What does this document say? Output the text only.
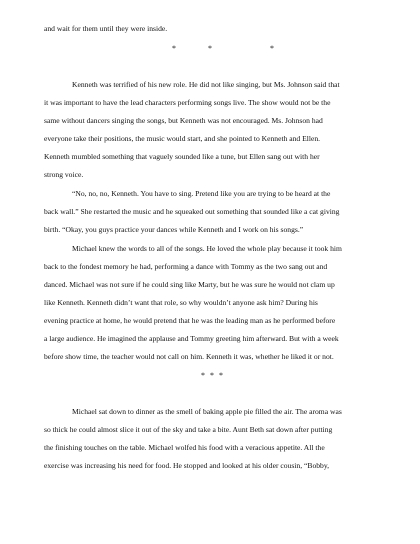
and wait for them until they were inside.
*	*	*
Kenneth was terrified of his new role. He did not like singing, but Ms. Johnson said that
it was important to have the lead characters performing songs live. The show would not be the
same without dancers singing the songs, but Kenneth was not encouraged. Ms. Johnson had
everyone take their positions, the music would start, and she pointed to Kenneth and Ellen.
Kenneth mumbled something that vaguely sounded like a tune, but Ellen sang out with her
strong voice.
“No, no, no, Kenneth. You have to sing. Pretend like you are trying to be heard at the
back wall.” She restarted the music and he squeaked out something that sounded like a cat giving
birth. “Okay, you guys practice your dances while Kenneth and I work on his songs.”
Michael knew the words to all of the songs. He loved the whole play because it took him
back to the fondest memory he had, performing a dance with Tommy as the two sang out and
danced. Michael was not sure if he could sing like Marty, but he was sure he would not clam up
like Kenneth. Kenneth didn’t want that role, so why wouldn’t anyone ask him? During his
evening practice at home, he would pretend that he was the leading man as he performed before
a large audience. He imagined the applause and Tommy greeting him afterward. But with a week
before show time, the teacher would not call on him. Kenneth it was, whether he liked it or not.
* * *
Michael sat down to dinner as the smell of baking apple pie filled the air. The aroma was
so thick he could almost slice it out of the sky and take a bite. Aunt Beth sat down after putting
the finishing touches on the table. Michael wolfed his food with a veracious appetite. All the
exercise was increasing his need for food. He stopped and looked at his older cousin, “Bobby,
